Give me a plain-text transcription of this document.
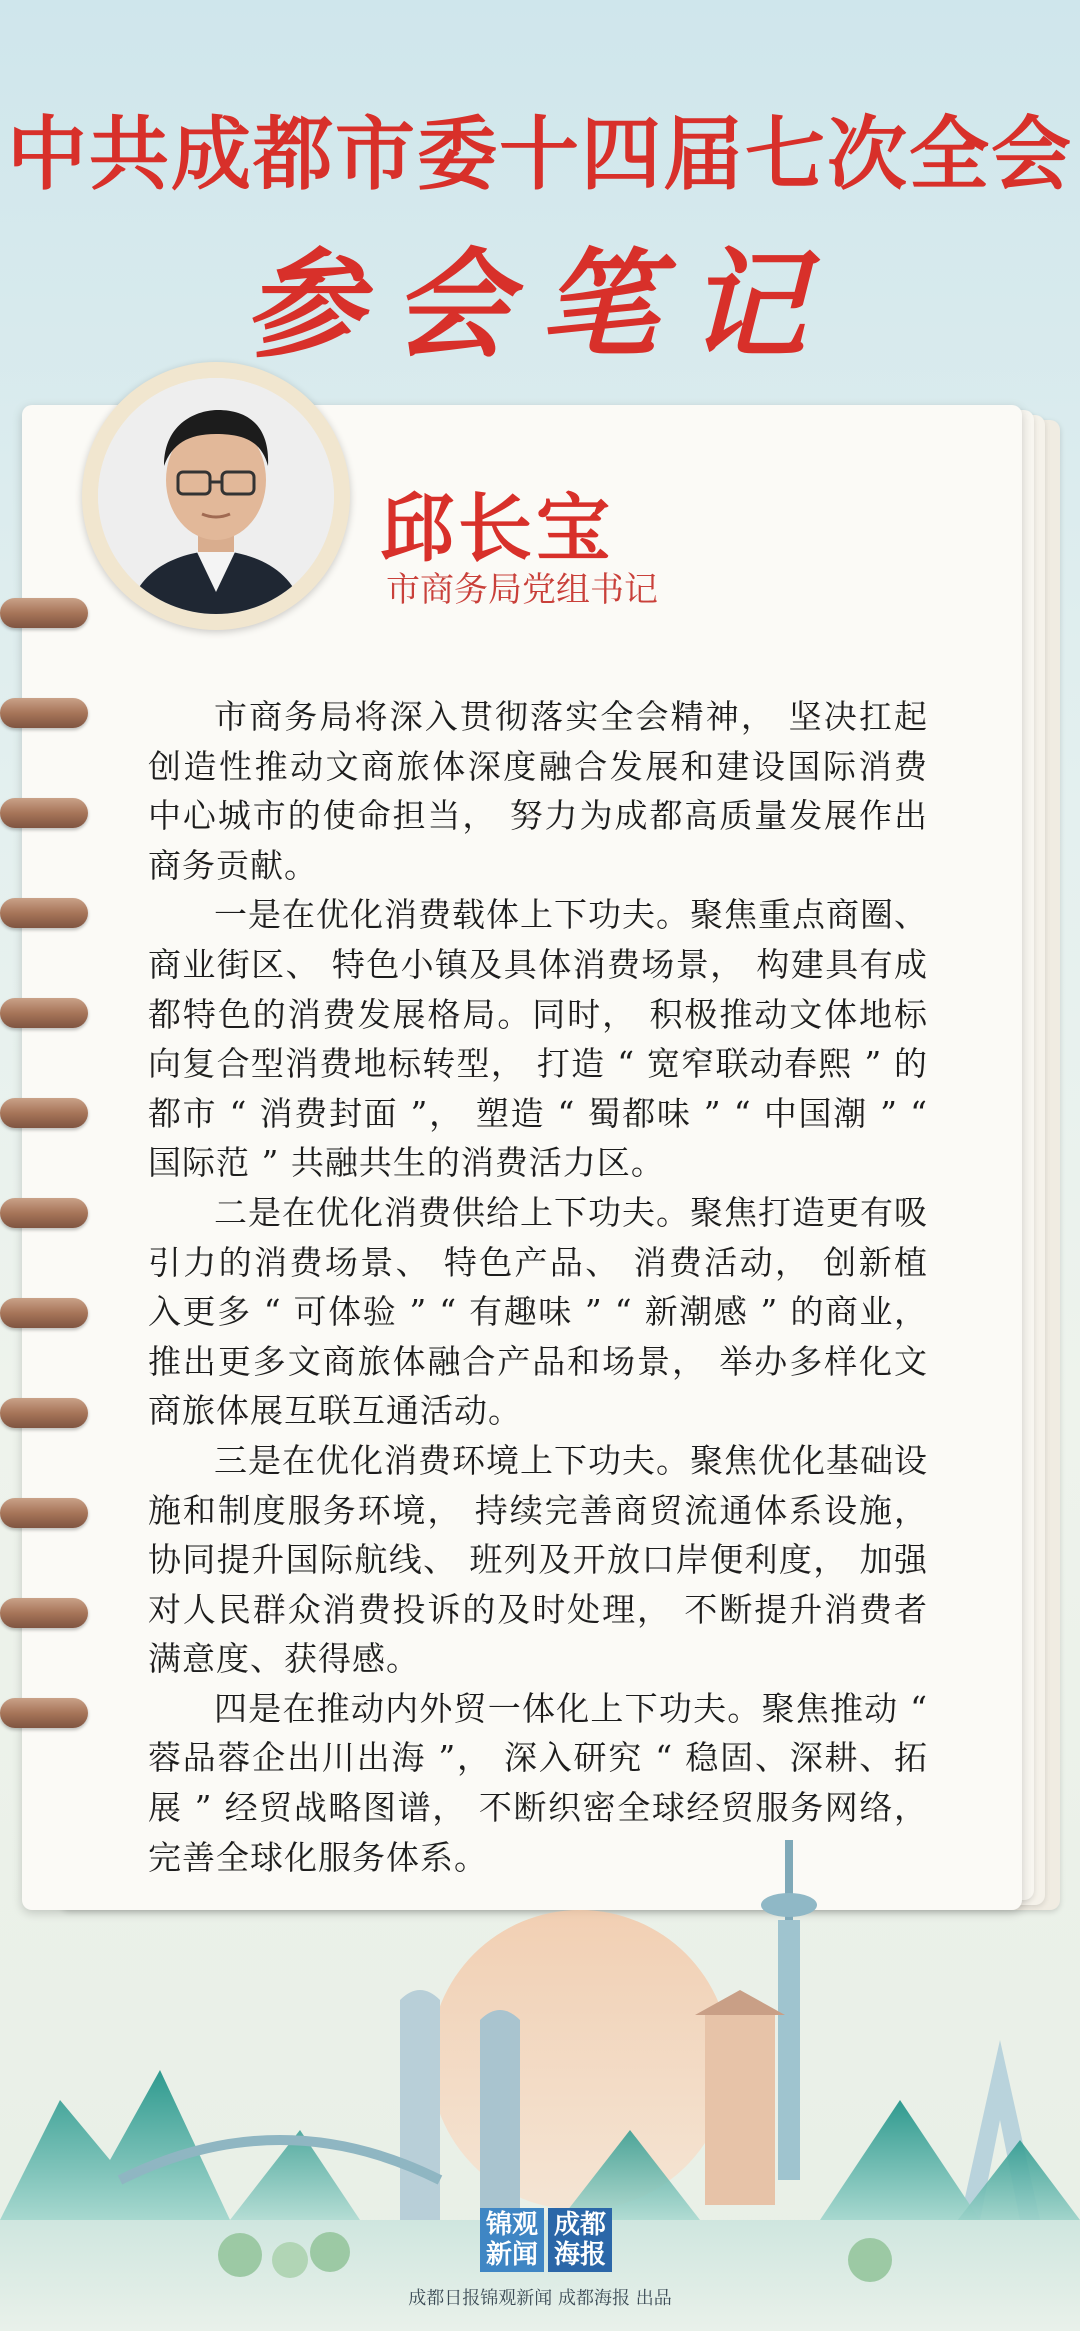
中共成都市委十四届七次全会
参会笔记
邱长宝
市商务局党组书记

市商务局将深入贯彻落实全会精神， 坚决扛起创造性推动文商旅体深度融合发展和建设国际消费中心城市的使命担当， 努力为成都高质量发展作出商务贡献。

一是在优化消费载体上下功夫。聚焦重点商圈、 商业街区、 特色小镇及具体消费场景， 构建具有成都特色的消费发展格局。同时， 积极推动文体地标向复合型消费地标转型， 打造 “ 宽窄联动春熙 ” 的都市 “ 消费封面 ”， 塑造 “ 蜀都味 ” “ 中国潮 ” “ 国际范 ” 共融共生的消费活力区。

二是在优化消费供给上下功夫。聚焦打造更有吸引力的消费场景、 特色产品、 消费活动， 创新植入更多 “ 可体验 ” “ 有趣味 ” “ 新潮感 ” 的商业， 推出更多文商旅体融合产品和场景， 举办多样化文商旅体展互联互通活动。

三是在优化消费环境上下功夫。聚焦优化基础设施和制度服务环境， 持续完善商贸流通体系设施， 协同提升国际航线、 班列及开放口岸便利度， 加强对人民群众消费投诉的及时处理， 不断提升消费者满意度、获得感。

四是在推动内外贸一体化上下功夫。聚焦推动 “ 蓉品蓉企出川出海 ”， 深入研究 “ 稳固、深耕、拓展 ” 经贸战略图谱， 不断织密全球经贸服务网络， 完善全球化服务体系。

锦观新闻
成都海报
成都日报锦观新闻 成都海报 出品
